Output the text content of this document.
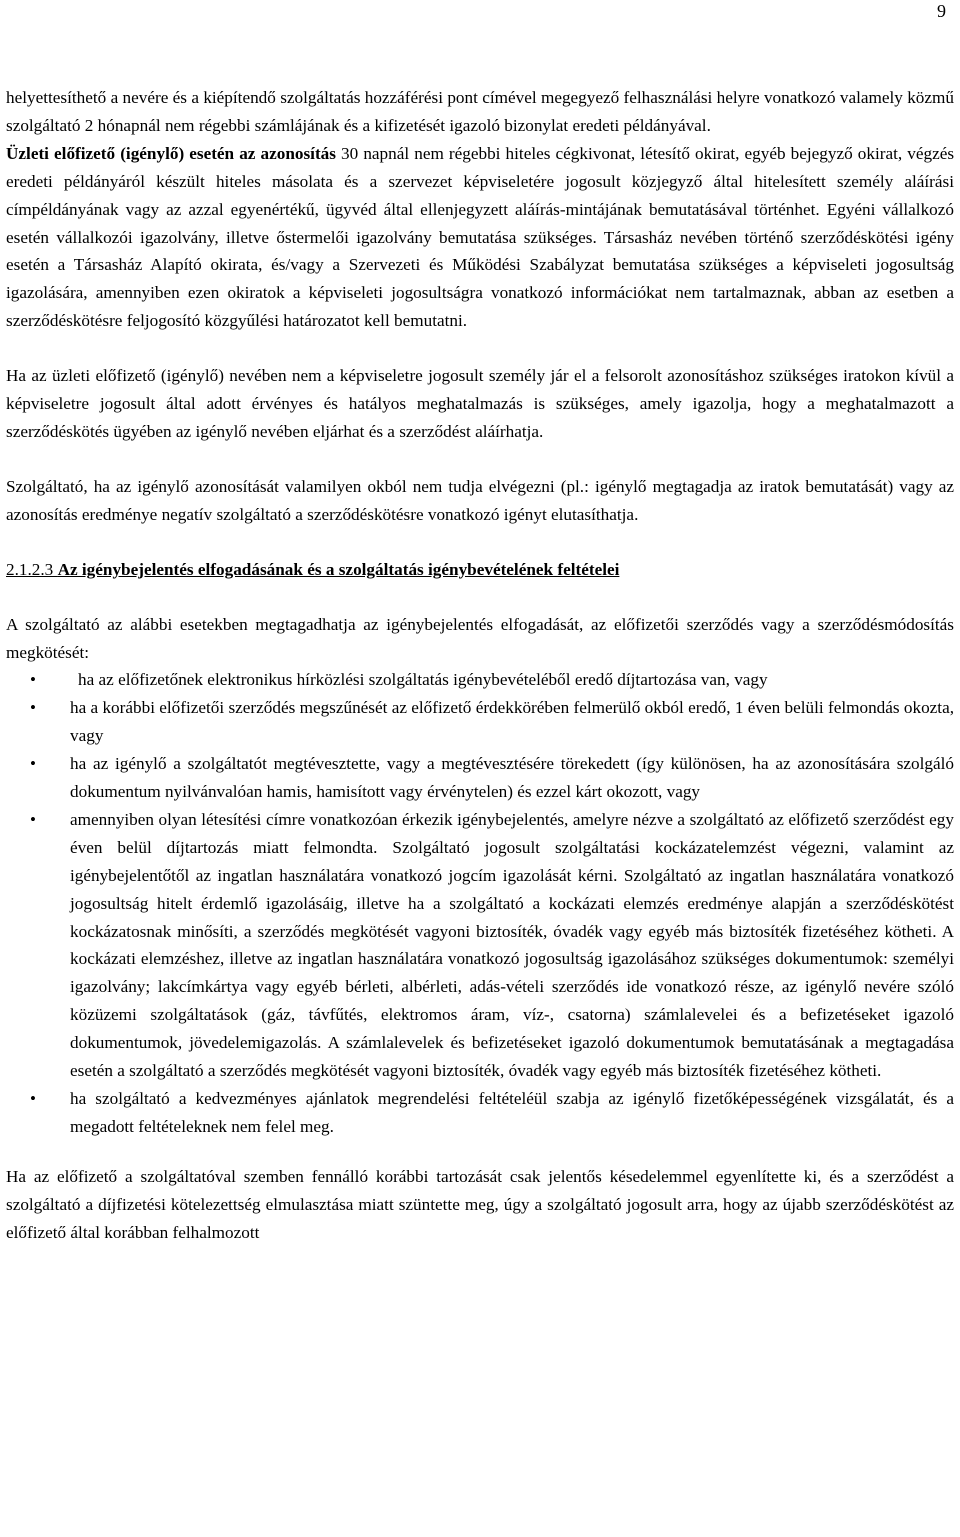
9

helyettesíthető a nevére és a kiépítendő szolgáltatás hozzáférési pont címével megegyező felhasználási helyre vonatkozó valamely közmű szolgáltató 2 hónapnál nem régebbi számlájának és a kifizetését igazoló bizonylat eredeti példányával.

Üzleti előfizető (igénylő) esetén az azonosítás 30 napnál nem régebbi hiteles cégkivonat, létesítő okirat, egyéb bejegyző okirat, végzés eredeti példányáról készült hiteles másolata és a szervezet képviseletére jogosult közjegyző által hitelesített személy aláírási címpéldányának vagy az azzal egyenértékű, ügyvéd által ellenjegyzett aláírás-mintájának bemutatásával történhet. Egyéni vállalkozó esetén vállalkozói igazolvány, illetve őstermelői igazolvány bemutatása szükséges. Társasház nevében történő szerződéskötési igény esetén a Társasház Alapító okirata, és/vagy a Szervezeti és Működési Szabályzat bemutatása szükséges a képviseleti jogosultság igazolására, amennyiben ezen okiratok a képviseleti jogosultságra vonatkozó információkat nem tartalmaznak, abban az esetben a szerződéskötésre feljogosító közgyűlési határozatot kell bemutatni.

Ha az üzleti előfizető (igénylő) nevében nem a képviseletre jogosult személy jár el a felsorolt azonosításhoz szükséges iratokon kívül a képviseletre jogosult által adott érvényes és hatályos meghatalmazás is szükséges, amely igazolja, hogy a meghatalmazott a szerződéskötés ügyében az igénylő nevében eljárhat és a szerződést aláírhatja.

Szolgáltató, ha az igénylő azonosítását valamilyen okból nem tudja elvégezni (pl.: igénylő megtagadja az iratok bemutatását) vagy az azonosítás eredménye negatív szolgáltató a szerződéskötésre vonatkozó igényt elutasíthatja.

2.1.2.3 Az igénybejelentés elfogadásának és a szolgáltatás igénybevételének feltételei

A szolgáltató az alábbi esetekben megtagadhatja az igénybejelentés elfogadását, az előfizetői szerződés vagy a szerződésmódosítás megkötését:

• ha az előfizetőnek elektronikus hírközlési szolgáltatás igénybevételéből eredő díjtartozása van, vagy
• ha a korábbi előfizetői szerződés megszűnését az előfizető érdekkörében felmerülő okból eredő, 1 éven belüli felmondás okozta, vagy
• ha az igénylő a szolgáltatót megtévesztette, vagy a megtévesztésére törekedett (így különösen, ha az azonosítására szolgáló dokumentum nyilvánvalóan hamis, hamisított vagy érvénytelen) és ezzel kárt okozott, vagy
• amennyiben olyan létesítési címre vonatkozóan érkezik igénybejelentés, amelyre nézve a szolgáltató az előfizető szerződést egy éven belül díjtartozás miatt felmondta. Szolgáltató jogosult szolgáltatási kockázatelemzést végezni, valamint az igénybejelentőtől az ingatlan használatára vonatkozó jogcím igazolását kérni. Szolgáltató az ingatlan használatára vonatkozó jogosultság hitelt érdemlő igazolásáig, illetve ha a szolgáltató a kockázati elemzés eredménye alapján a szerződéskötést kockázatosnak minősíti, a szerződés megkötését vagyoni biztosíték, óvadék vagy egyéb más biztosíték fizetéséhez kötheti. A kockázati elemzéshez, illetve az ingatlan használatára vonatkozó jogosultság igazolásához szükséges dokumentumok: személyi igazolvány; lakcímkártya vagy egyéb bérleti, albérleti, adás-vételi szerződés ide vonatkozó része, az igénylő nevére szóló közüzemi szolgáltatások (gáz, távfűtés, elektromos áram, víz-, csatorna) számlalevelei és a befizetéseket igazoló dokumentumok, jövedelemigazolás. A számlalevelek és befizetéseket igazoló dokumentumok bemutatásának a megtagadása esetén a szolgáltató a szerződés megkötését vagyoni biztosíték, óvadék vagy egyéb más biztosíték fizetéséhez kötheti.
• ha szolgáltató a kedvezményes ajánlatok megrendelési feltételéül szabja az igénylő fizetőképességének vizsgálatát, és a megadott feltételeknek nem felel meg.

Ha az előfizető a szolgáltatóval szemben fennálló korábbi tartozását csak jelentős késedelemmel egyenlítette ki, és a szerződést a szolgáltató a díjfizetési kötelezettség elmulasztása miatt szüntette meg, úgy a szolgáltató jogosult arra, hogy az újabb szerződéskötést az előfizető által korábban felhalmozott
